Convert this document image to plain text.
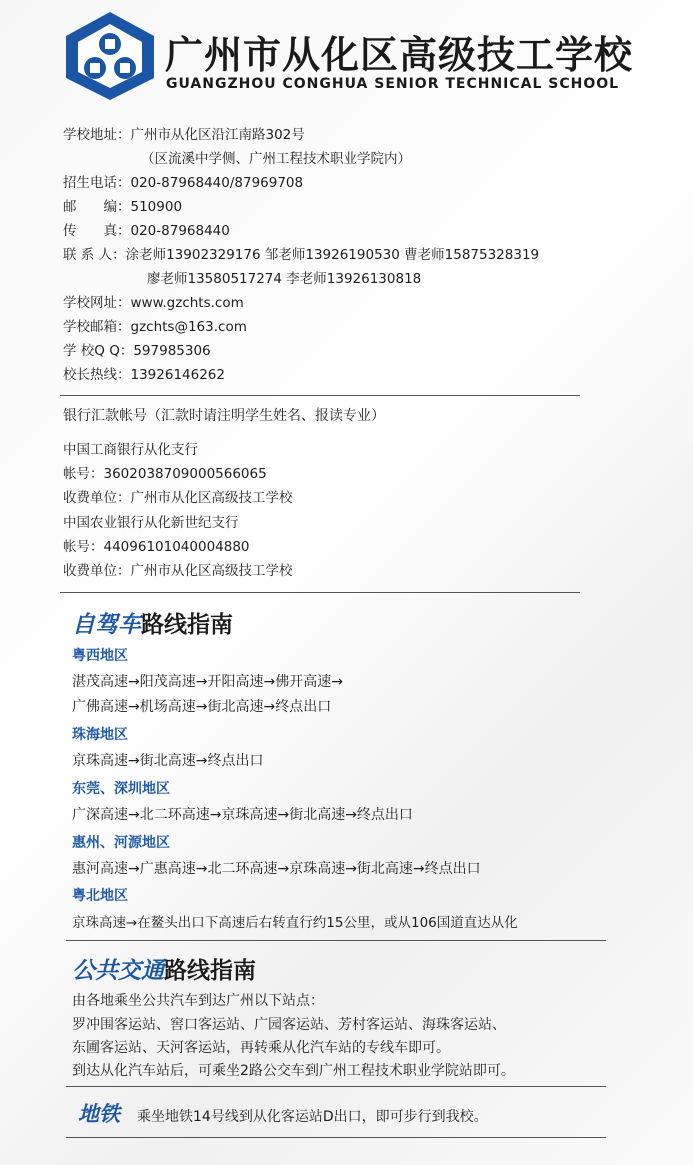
广州市从化区高级技工学校
GUANGZHOU CONGHUA SENIOR TECHNICAL SCHOOL
学校地址：广州市从化区沿江南路302号
（区流溪中学侧、广州工程技术职业学院内）
招生电话：020-87968440/87969708
邮　　编：510900
传　　真：020-87968440
联 系 人：涂老师13902329176 邹老师13926190530 曹老师15875328319
廖老师13580517274 李老师13926130818
学校网址：www.gzchts.com
学校邮箱：gzchts@163.com
学 校Q Q：597985306
校长热线：13926146262
银行汇款帐号（汇款时请注明学生姓名、报读专业）
中国工商银行从化支行
帐号：3602038709000566065
收费单位：广州市从化区高级技工学校
中国农业银行从化新世纪支行
帐号：44096101040004880
收费单位：广州市从化区高级技工学校
自驾车路线指南
粤西地区
湛茂高速→阳茂高速→开阳高速→佛开高速→
广佛高速→机场高速→街北高速→终点出口
珠海地区
京珠高速→街北高速→终点出口
东莞、深圳地区
广深高速→北二环高速→京珠高速→街北高速→终点出口
惠州、河源地区
惠河高速→广惠高速→北二环高速→京珠高速→街北高速→终点出口
粤北地区
京珠高速→在鳌头出口下高速后右转直行约15公里，或从106国道直达从化
公共交通路线指南
由各地乘坐公共汽车到达广州以下站点：
罗冲围客运站、窖口客运站、广园客运站、芳村客运站、海珠客运站、
东圃客运站、天河客运站，再转乘从化汽车站的专线车即可。
到达从化汽车站后，可乘坐2路公交车到广州工程技术职业学院站即可。
地铁 乘坐地铁14号线到从化客运站D出口，即可步行到我校。
